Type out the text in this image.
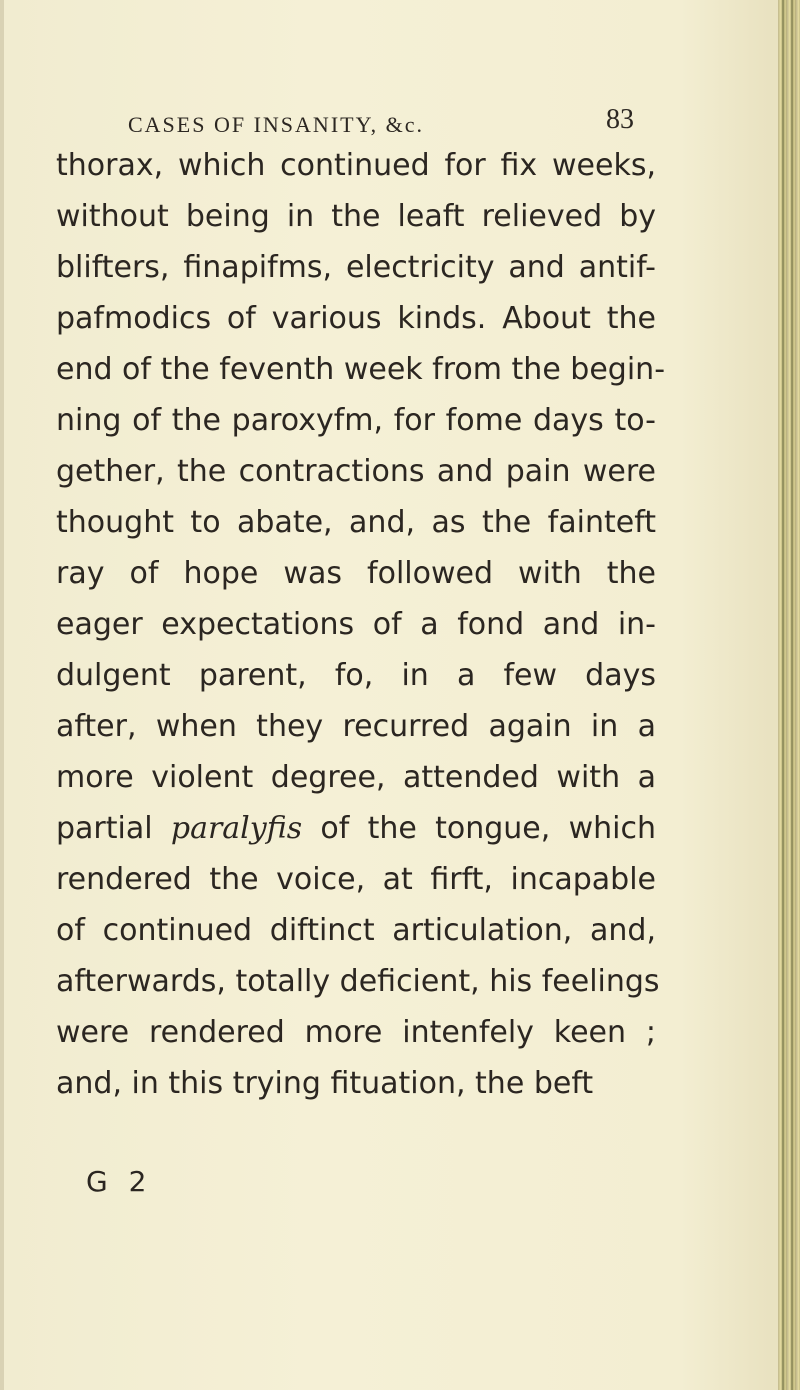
CASES OF INSANITY, &c.	83
thorax, which continued for fix weeks,
without being in the leaft relieved by
blifters, finapifms, electricity and antif-
pafmodics of various kinds. About the
end of the feventh week from the begin-
ning of the paroxyfm, for fome days to-
gether, the contractions and pain were
thought to abate, and, as the fainteft
ray of hope was followed with the
eager expectations of a fond and in-
dulgent parent, fo, in a few days
after, when they recurred again in a
more violent degree, attended with a
partial paralyfis of the tongue, which
rendered the voice, at firft, incapable
of continued diftinct articulation, and,
afterwards, totally deficient, his feelings
were rendered more intenfely keen ;
and, in this trying fituation, the beft
G 2
